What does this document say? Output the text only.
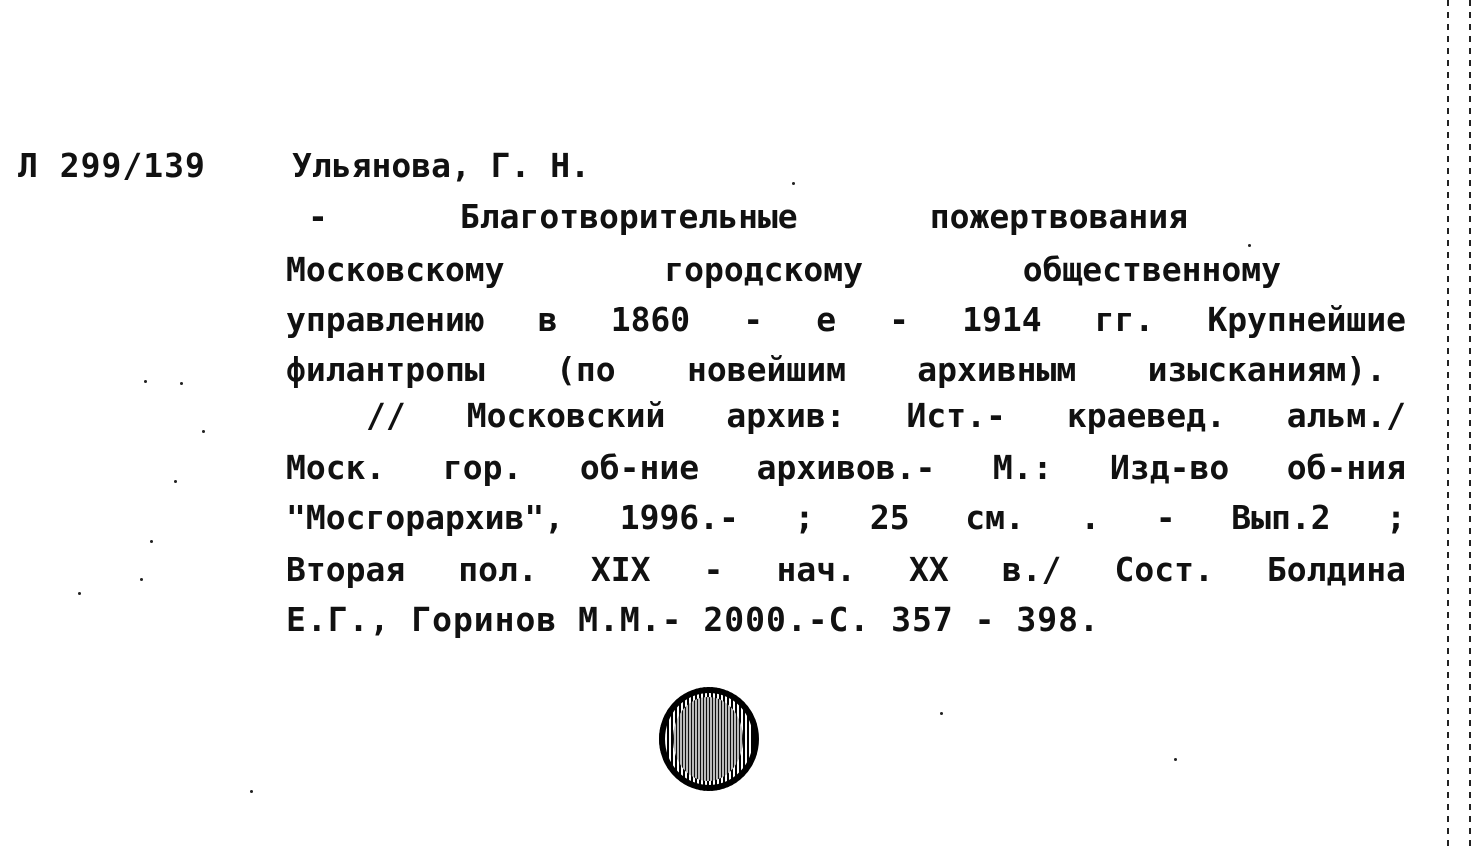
Л 299/139	Ульянова, Г. Н.
- Благотворительные пожертвования
Московскому городскому общественному
управлению в 1860 - е - 1914 гг. Крупнейшие
филантропы (по новейшим архивным изысканиям).
// Московский архив: Ист.- краевед. альм./
Моск. гор. об-ние архивов.- М.: Изд-во об-ния
"Мосгорархив", 1996.- ; 25 см. . - Вып.2 ;
Вторая пол. XIX - нач. XX в./ Сост. Болдина
Е.Г., Горинов М.М.- 2000.-С. 357 - 398.
